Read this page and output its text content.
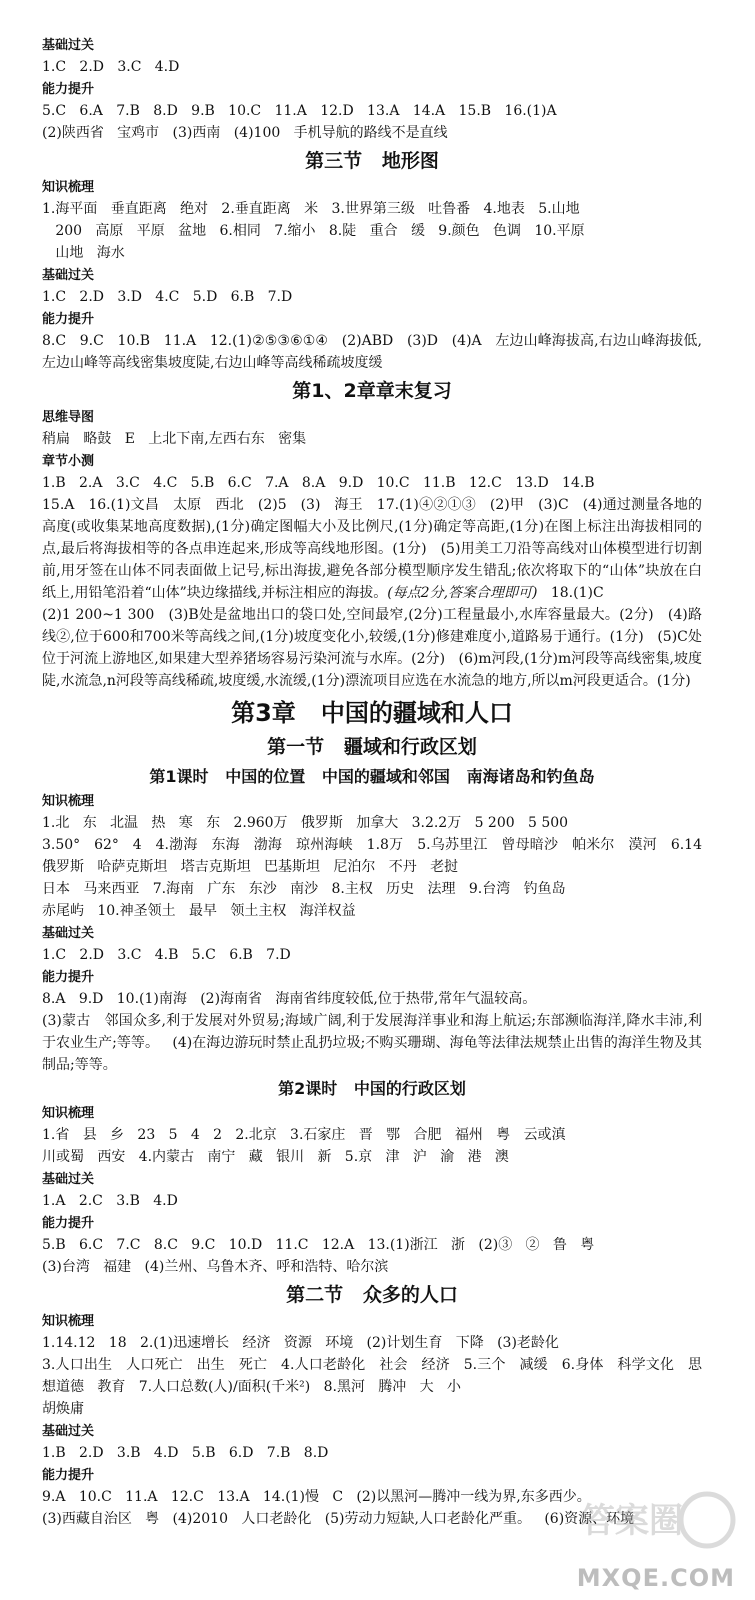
基础过关
1.C   2.D   3.C   4.D
能力提升
5.C   6.A   7.B   8.D   9.B   10.C   11.A   12.D   13.A   14.A   15.B   16.(1)A
(2)陕西省   宝鸡市   (3)西南   (4)100   手机导航的路线不是直线
第三节   地形图
知识梳理
1.海平面   垂直距离   绝对   2.垂直距离   米   3.世界第三级   吐鲁番   4.地表   5.山地
200   高原   平原   盆地   6.相同   7.缩小   8.陡   重合   缓   9.颜色   色调   10.平原
山地   海水
基础过关
1.C   2.D   3.D   4.C   5.D   6.B   7.D
能力提升
8.C   9.C   10.B   11.A   12.(1)②⑤③⑥①④   (2)ABD   (3)D   (4)A   左边山峰海拔高,右边山峰海拔低,左边山峰等高线密集坡度陡,右边山峰等高线稀疏坡度缓
第1、2章章末复习
思维导图
稍扁   略鼓   E   上北下南,左西右东   密集
章节小测
1.B   2.A   3.C   4.C   5.B   6.C   7.A   8.A   9.D   10.C   11.B   12.C   13.D   14.B
15.A   16.(1)文昌   太原   西北   (2)5   (3)   海王   17.(1)④②①③   (2)甲   (3)C   (4)通过测量各地的高度(或收集某地高度数据),(1分)确定图幅大小及比例尺,(1分)确定等高距,(1分)在图上标注出海拔相同的点,最后将海拔相等的各点串连起来,形成等高线地形图。(1分)   (5)用美工刀沿等高线对山体模型进行切割前,用牙签在山体不同表面做上记号,标出海拔,避免各部分模型顺序发生错乱;依次将取下的“山体”块放在白纸上,用铅笔沿着“山体”块边缘描线,并标注相应的海拔。(每点2分,答案合理即可)   18.(1)C
(2)1 200~1 300   (3)B处是盆地出口的袋口处,空间最窄,(2分)工程量最小,水库容量最大。(2分)   (4)路线②,位于600和700米等高线之间,(1分)坡度变化小,较缓,(1分)修建难度小,道路易于通行。(1分)   (5)C处位于河流上游地区,如果建大型养猪场容易污染河流与水库。(2分)   (6)m河段,(1分)m河段等高线密集,坡度陡,水流急,n河段等高线稀疏,坡度缓,水流缓,(1分)漂流项目应选在水流急的地方,所以m河段更适合。(1分)
第3章   中国的疆域和人口
第一节   疆域和行政区划
第1课时   中国的位置   中国的疆域和邻国   南海诸岛和钓鱼岛
知识梳理
1.北   东   北温   热   寒   东   2.960万   俄罗斯   加拿大   3.2.2万   5 200   5 500
3.50°   62°   4   4.渤海   东海   渤海   琼州海峡   1.8万   5.乌苏里江   曾母暗沙   帕米尔   漠河   6.14   俄罗斯   哈萨克斯坦   塔吉克斯坦   巴基斯坦   尼泊尔   不丹   老挝
日本   马来西亚   7.海南   广东   东沙   南沙   8.主权   历史   法理   9.台湾   钓鱼岛
赤尾屿   10.神圣领土   最早   领土主权   海洋权益
基础过关
1.C   2.D   3.C   4.B   5.C   6.B   7.D
能力提升
8.A   9.D   10.(1)南海   (2)海南省   海南省纬度较低,位于热带,常年气温较高。
(3)蒙古   邻国众多,利于发展对外贸易;海域广阔,利于发展海洋事业和海上航运;东部濒临海洋,降水丰沛,利于农业生产;等等。   (4)在海边游玩时禁止乱扔垃圾;不购买珊瑚、海龟等法律法规禁止出售的海洋生物及其制品;等等。
第2课时   中国的行政区划
知识梳理
1.省   县   乡   23   5   4   2   2.北京   3.石家庄   晋   鄂   合肥   福州   粤   云或滇
川或蜀   西安   4.内蒙古   南宁   藏   银川   新   5.京   津   沪   渝   港   澳
基础过关
1.A   2.C   3.B   4.D
能力提升
5.B   6.C   7.C   8.C   9.C   10.D   11.C   12.A   13.(1)浙江   浙   (2)③   ②   鲁   粤
(3)台湾   福建   (4)兰州、乌鲁木齐、呼和浩特、哈尔滨
第二节   众多的人口
知识梳理
1.14.12   18   2.(1)迅速增长   经济   资源   环境   (2)计划生育   下降   (3)老龄化
3.人口出生   人口死亡   出生   死亡   4.人口老龄化   社会   经济   5.三个   减缓   6.身体   科学文化   思想道德   教育   7.人口总数(人)/面积(千米²)   8.黑河   腾冲   大   小
胡焕庸
基础过关
1.B   2.D   3.B   4.D   5.B   6.D   7.B   8.D
能力提升
9.A   10.C   11.A   12.C   13.A   14.(1)慢   C   (2)以黑河—腾冲一线为界,东多西少。
(3)西藏自治区   粤   (4)2010   人口老龄化   (5)劳动力短缺,人口老龄化严重。   (6)资源、环境
答案圈
MXQE.COM
